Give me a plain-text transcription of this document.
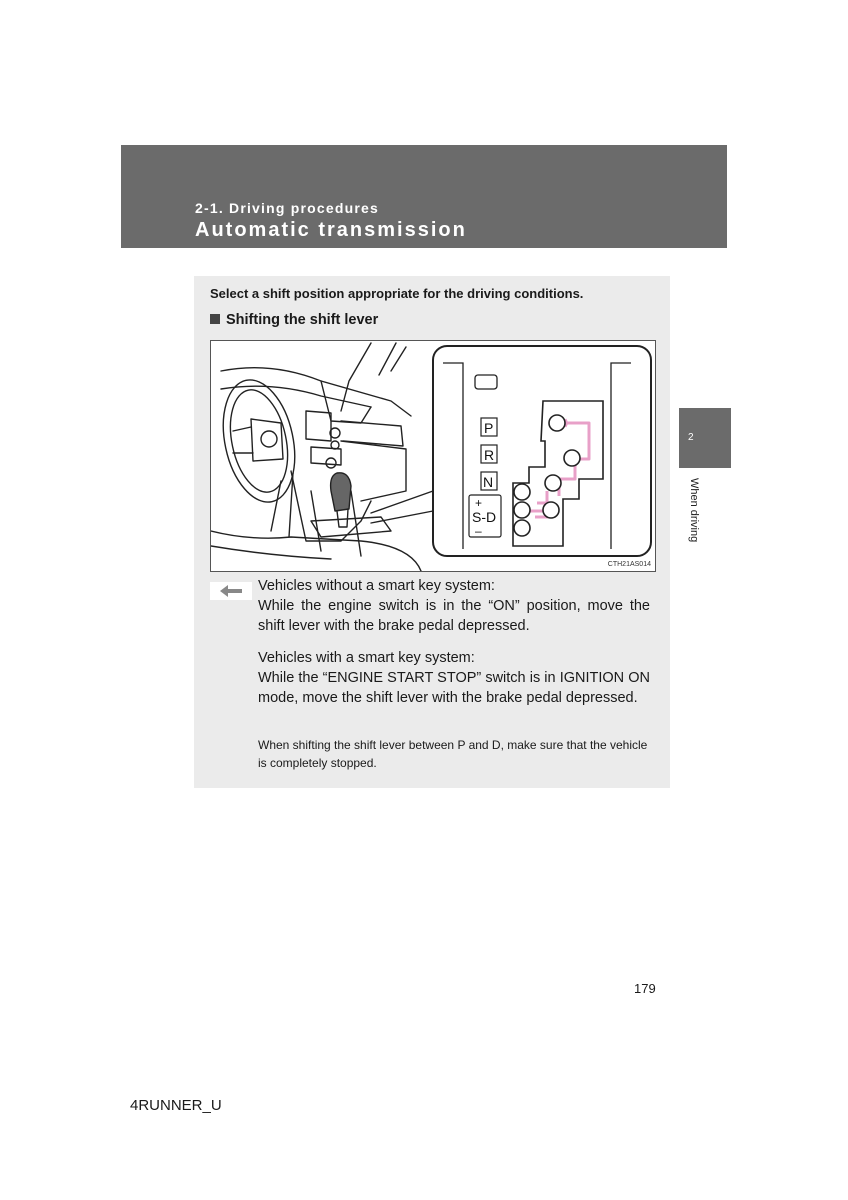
2-1. Driving procedures
Automatic transmission
2
When driving
Select a shift position appropriate for the driving conditions.
Shifting the shift lever
P
R
N
+
S-D
–
CTH21AS014

Vehicles without a smart key system:

While the engine switch is in the “ON” position, move the shift lever with the brake pedal depressed.

Vehicles with a smart key system:

While the “ENGINE START STOP” switch is in IGNITION ON mode, move the shift lever with the brake pedal depressed.

When shifting the shift lever between P and D, make sure that the vehicle is completely stopped.
179
4RUNNER_U
